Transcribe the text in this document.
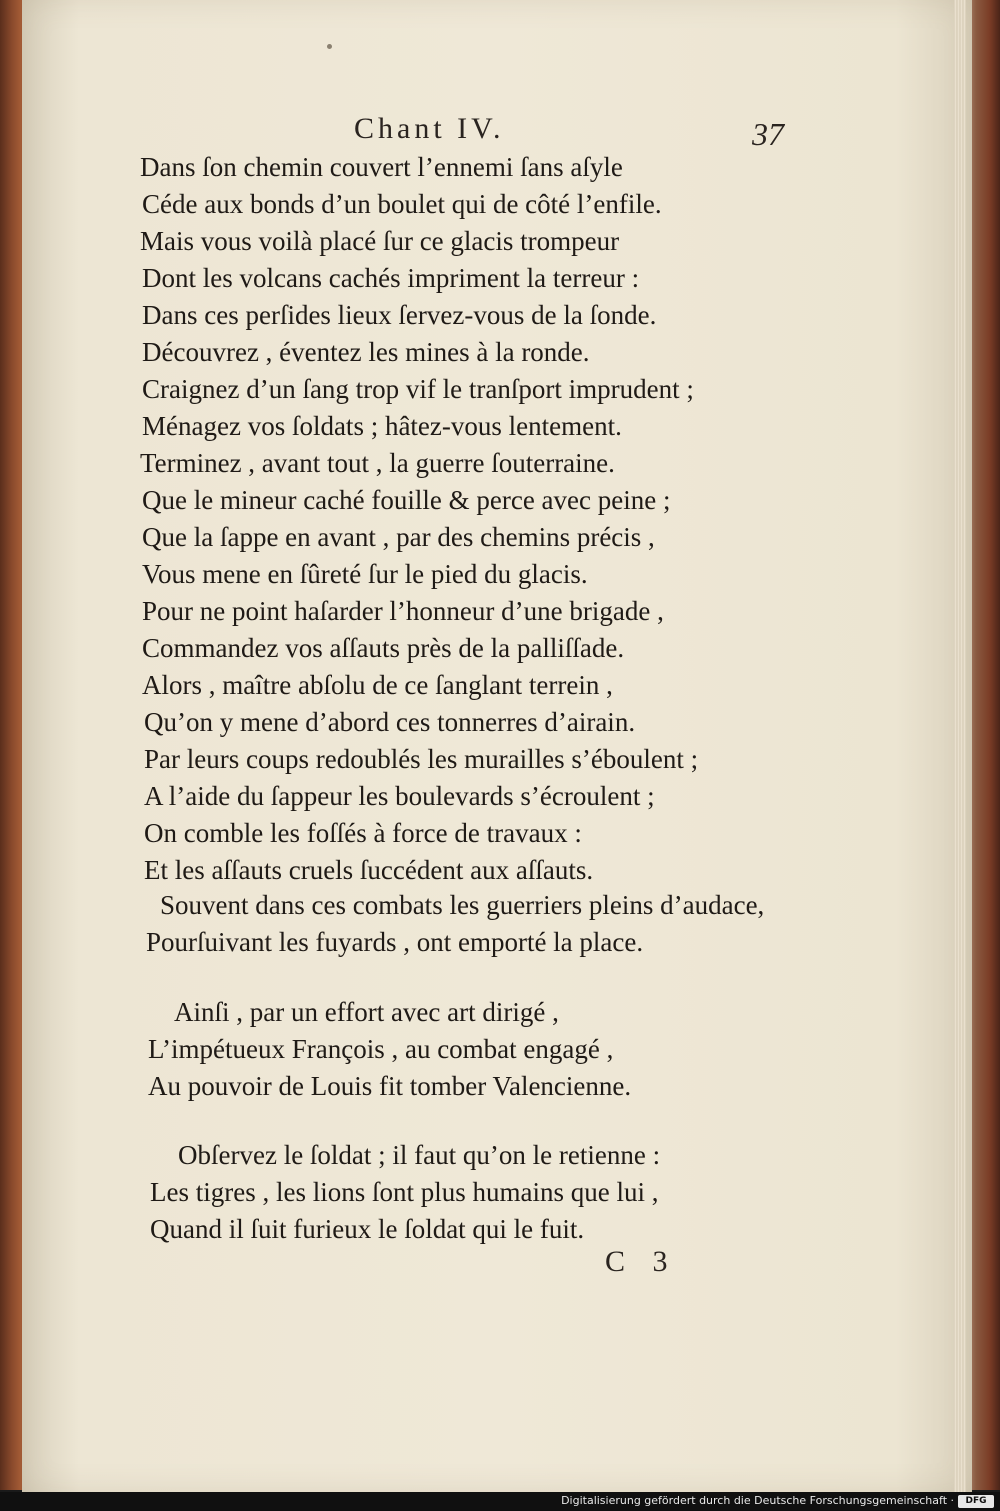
Chant IV.	37
Dans ſon chemin couvert l’ennemi ſans aſyle
Céde aux bonds d’un boulet qui de côté l’enfile.
Mais vous voilà placé ſur ce glacis trompeur
Dont les volcans cachés impriment la terreur :
Dans ces perſides lieux ſervez-vous de la ſonde.
Découvrez , éventez les mines à la ronde.
Craignez d’un ſang trop vif le tranſport imprudent ;
Ménagez vos ſoldats ; hâtez-vous lentement.
Terminez , avant tout , la guerre ſouterraine.
Que le mineur caché fouille & perce avec peine ;
Que la ſappe en avant , par des chemins précis ,
Vous mene en ſûreté ſur le pied du glacis.
Pour ne point haſarder l’honneur d’une brigade ,
Commandez vos aſſauts près de la palliſſade.
Alors , maître abſolu de ce ſanglant terrein ,
Qu’on y mene d’abord ces tonnerres d’airain.
Par leurs coups redoublés les murailles s’éboulent ;
A l’aide du ſappeur les boulevards s’écroulent ;
On comble les foſſés à force de travaux :
Et les aſſauts cruels ſuccédent aux aſſauts.
Souvent dans ces combats les guerriers pleins d’audace,
Pourſuivant les fuyards , ont emporté la place.
Ainſi , par un effort avec art dirigé ,
L’impétueux François , au combat engagé ,
Au pouvoir de Louis fit tomber Valencienne.
Obſervez le ſoldat ; il faut qu’on le retienne :
Les tigres , les lions ſont plus humains que lui ,
Quand il ſuit furieux le ſoldat qui le fuit.
C 3
Digitalisierung gefördert durch die Deutsche Forschungsgemeinschaft ·	DFG
